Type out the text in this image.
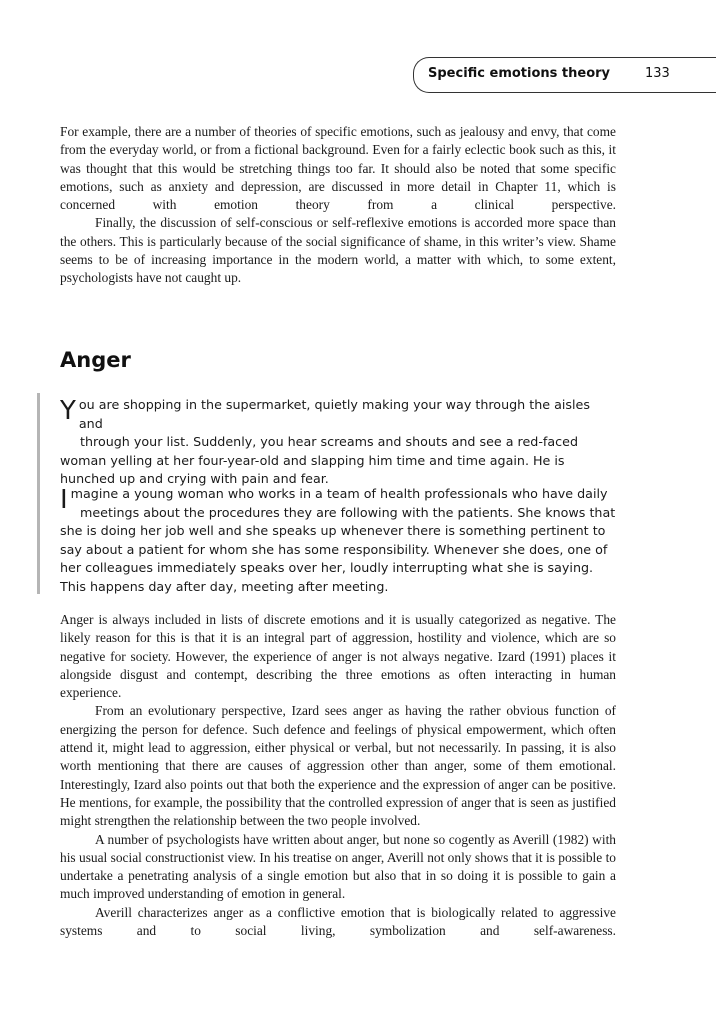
Specific emotions theory	133

For example, there are a number of theories of specific emotions, such as jealousy and envy, that come from the everyday world, or from a fictional background. Even for a fairly eclectic book such as this, it was thought that this would be stretching things too far. It should also be noted that some specific emotions, such as anxiety and depression, are discussed in more detail in Chapter 11, which is concerned with emotion theory from a clinical perspective.

Finally, the discussion of self-conscious or self-reflexive emotions is accorded more space than the others. This is particularly because of the social significance of shame, in this writer’s view. Shame seems to be of increasing importance in the modern world, a matter with which, to some extent, psychologists have not caught up.

Anger

You are shopping in the supermarket, quietly making your way through the aisles and
through your list. Suddenly, you hear screams and shouts and see a red-faced
woman yelling at her four-year-old and slapping him time and time again. He is hunched up and crying with pain and fear.

Imagine a young woman who works in a team of health professionals who have daily
meetings about the procedures they are following with the patients. She knows that
she is doing her job well and she speaks up whenever there is something pertinent to say about a patient for whom she has some responsibility. Whenever she does, one of her colleagues immediately speaks over her, loudly interrupting what she is saying. This happens day after day, meeting after meeting.

Anger is always included in lists of discrete emotions and it is usually categorized as negative. The likely reason for this is that it is an integral part of aggression, hostility and violence, which are so negative for society. However, the experience of anger is not always negative. Izard (1991) places it alongside disgust and contempt, describing the three emotions as often interacting in human experience.

From an evolutionary perspective, Izard sees anger as having the rather obvious function of energizing the person for defence. Such defence and feelings of physical empowerment, which often attend it, might lead to aggression, either physical or verbal, but not necessarily. In passing, it is also worth mentioning that there are causes of aggression other than anger, some of them emotional. Interestingly, Izard also points out that both the experience and the expression of anger can be positive. He mentions, for example, the possibility that the controlled expression of anger that is seen as justified might strengthen the relationship between the two people involved.

A number of psychologists have written about anger, but none so cogently as Averill (1982) with his usual social constructionist view. In his treatise on anger, Averill not only shows that it is possible to undertake a penetrating analysis of a single emotion but also that in so doing it is possible to gain a much improved understanding of emotion in general.

Averill characterizes anger as a conflictive emotion that is biologically related to aggressive systems and to social living, symbolization and self-awareness.
